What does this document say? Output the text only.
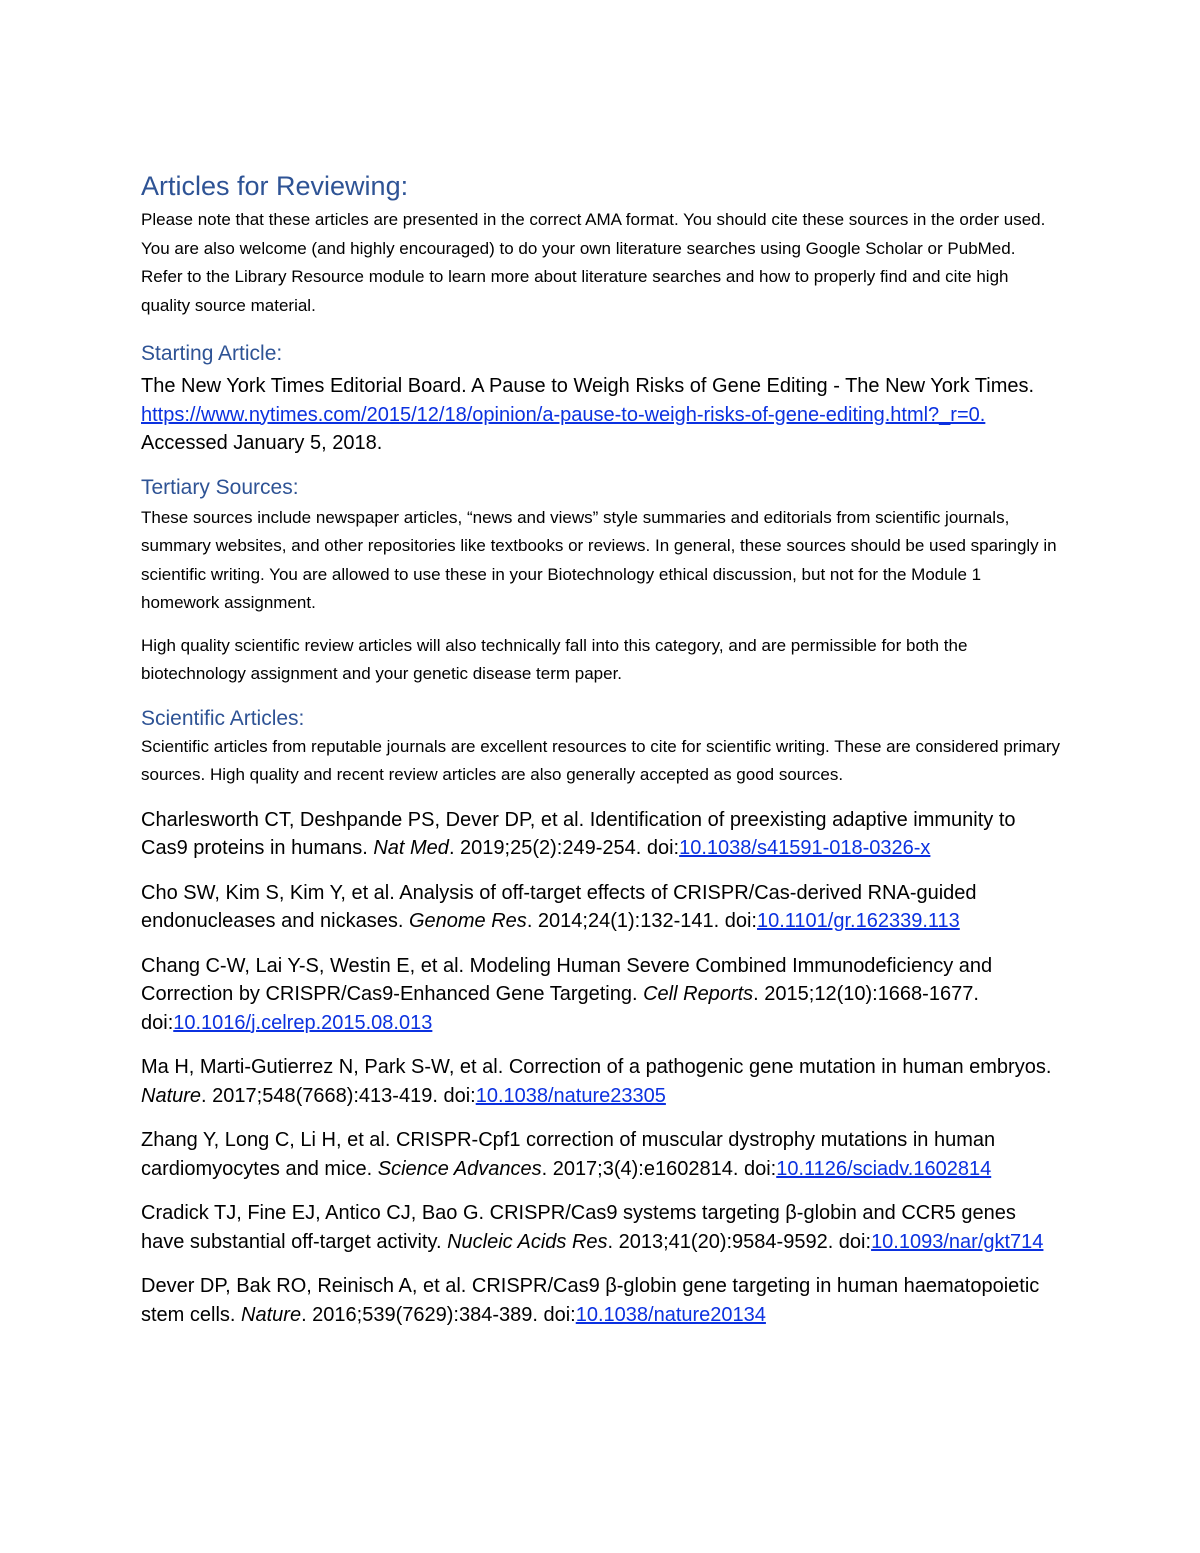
Articles for Reviewing:

Please note that these articles are presented in the correct AMA format. You should cite these sources in the order used. You are also welcome (and highly encouraged) to do your own literature searches using Google Scholar or PubMed. Refer to the Library Resource module to learn more about literature searches and how to properly find and cite high quality source material.

Starting Article:

The New York Times Editorial Board. A Pause to Weigh Risks of Gene Editing - The New York Times. https://www.nytimes.com/2015/12/18/opinion/a-pause-to-weigh-risks-of-gene-editing.html?_r=0. Accessed January 5, 2018.

Tertiary Sources:

These sources include newspaper articles, “news and views” style summaries and editorials from scientific journals, summary websites, and other repositories like textbooks or reviews. In general, these sources should be used sparingly in scientific writing. You are allowed to use these in your Biotechnology ethical discussion, but not for the Module 1 homework assignment.

High quality scientific review articles will also technically fall into this category, and are permissible for both the biotechnology assignment and your genetic disease term paper.

Scientific Articles:

Scientific articles from reputable journals are excellent resources to cite for scientific writing. These are considered primary sources. High quality and recent review articles are also generally accepted as good sources.

Charlesworth CT, Deshpande PS, Dever DP, et al. Identification of preexisting adaptive immunity to Cas9 proteins in humans. Nat Med. 2019;25(2):249-254. doi:10.1038/s41591-018-0326-x

Cho SW, Kim S, Kim Y, et al. Analysis of off-target effects of CRISPR/Cas-derived RNA-guided endonucleases and nickases. Genome Res. 2014;24(1):132-141. doi:10.1101/gr.162339.113

Chang C-W, Lai Y-S, Westin E, et al. Modeling Human Severe Combined Immunodeficiency and Correction by CRISPR/Cas9-Enhanced Gene Targeting. Cell Reports. 2015;12(10):1668-1677. doi:10.1016/j.celrep.2015.08.013

Ma H, Marti-Gutierrez N, Park S-W, et al. Correction of a pathogenic gene mutation in human embryos. Nature. 2017;548(7668):413-419. doi:10.1038/nature23305

Zhang Y, Long C, Li H, et al. CRISPR-Cpf1 correction of muscular dystrophy mutations in human cardiomyocytes and mice. Science Advances. 2017;3(4):e1602814. doi:10.1126/sciadv.1602814

Cradick TJ, Fine EJ, Antico CJ, Bao G. CRISPR/Cas9 systems targeting β-globin and CCR5 genes have substantial off-target activity. Nucleic Acids Res. 2013;41(20):9584-9592. doi:10.1093/nar/gkt714

Dever DP, Bak RO, Reinisch A, et al. CRISPR/Cas9 β-globin gene targeting in human haematopoietic stem cells. Nature. 2016;539(7629):384-389. doi:10.1038/nature20134
